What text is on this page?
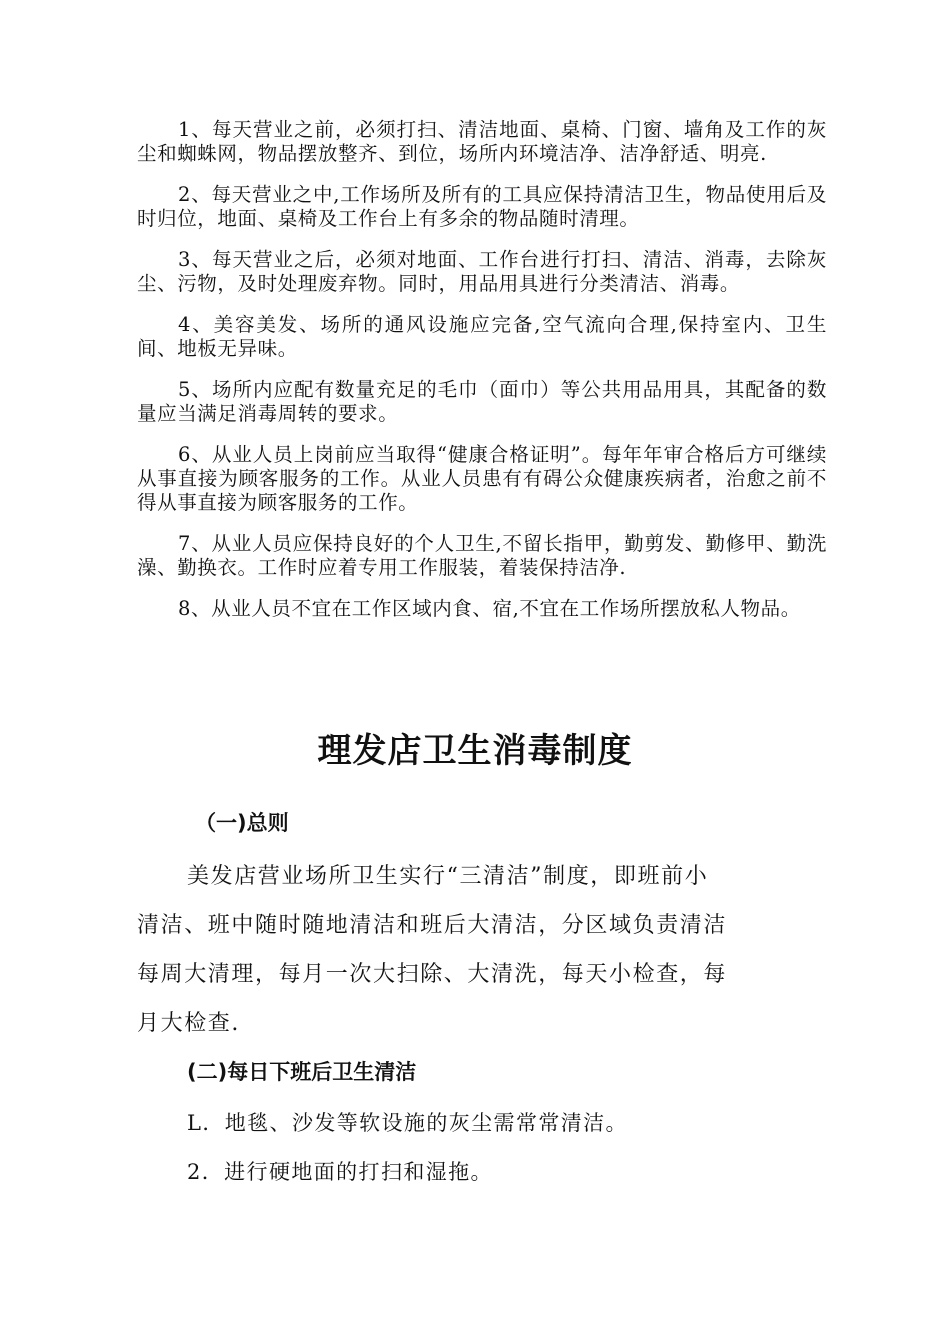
1、每天营业之前，必须打扫、清洁地面、桌椅、门窗、墙角及工作的灰尘和蜘蛛网，物品摆放整齐、到位，场所内环境洁净、洁净舒适、明亮.

2、每天营业之中,工作场所及所有的工具应保持清洁卫生，物品使用后及时归位，地面、桌椅及工作台上有多余的物品随时清理。

3、每天营业之后，必须对地面、工作台进行打扫、清洁、消毒，去除灰尘、污物，及时处理废弃物。同时，用品用具进行分类清洁、消毒。

4、美容美发、场所的通风设施应完备,空气流向合理,保持室内、卫生间、地板无异味。

5、场所内应配有数量充足的毛巾（面巾）等公共用品用具，其配备的数量应当满足消毒周转的要求。

6、从业人员上岗前应当取得“健康合格证明”。每年年审合格后方可继续从事直接为顾客服务的工作。从业人员患有有碍公众健康疾病者，治愈之前不得从事直接为顾客服务的工作。

7、从业人员应保持良好的个人卫生,不留长指甲，勤剪发、勤修甲、勤洗澡、勤换衣。工作时应着专用工作服装，着装保持洁净.

8、从业人员不宜在工作区域内食、宿,不宜在工作场所摆放私人物品。

理发店卫生消毒制度
（一)总则

美发店营业场所卫生实行“三清洁”制度，即班前小
清洁、班中随时随地清洁和班后大清洁，分区域负责清洁
每周大清理，每月一次大扫除、大清洗，每天小检查，每
月大检查.

(二)每日下班后卫生清洁

L．地毯、沙发等软设施的灰尘需常常清洁。

2．进行硬地面的打扫和湿拖。
